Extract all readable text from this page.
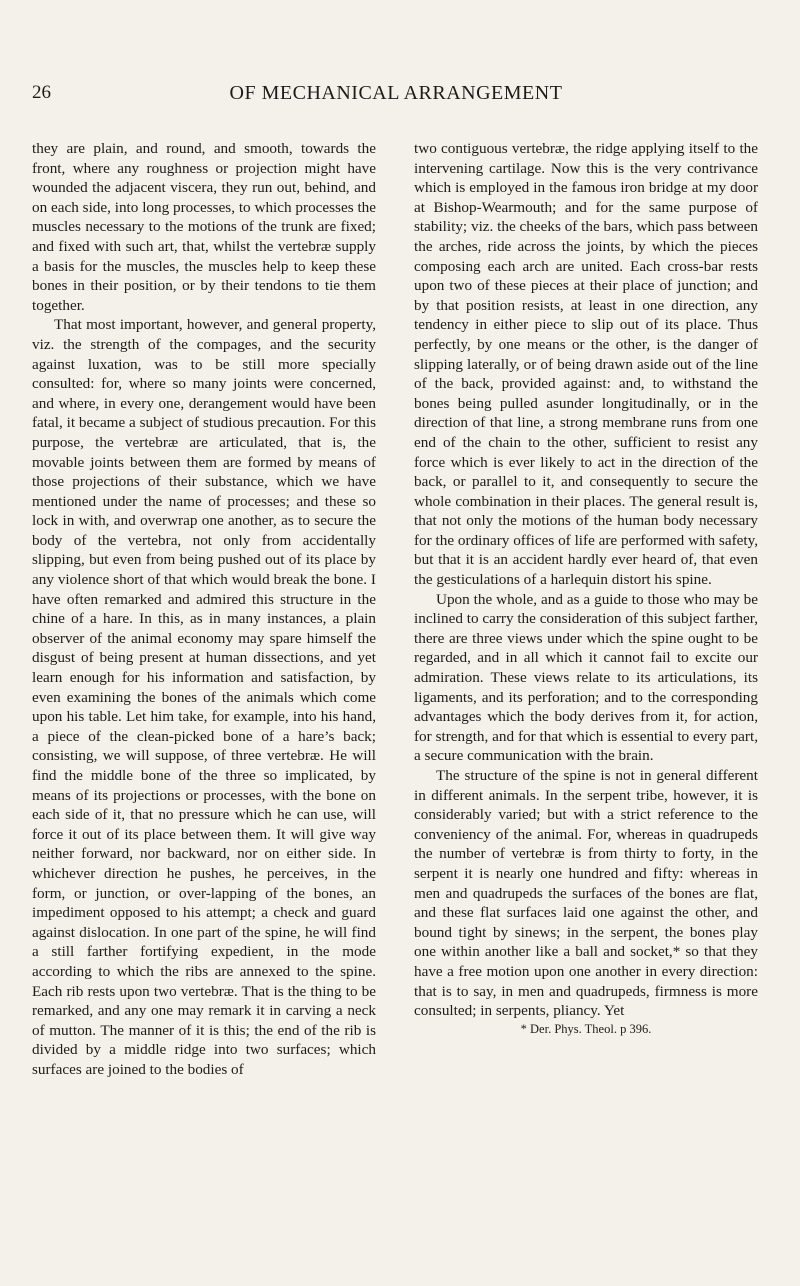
26	OF MECHANICAL ARRANGEMENT

they are plain, and round, and smooth, towards the front, where any roughness or projection might have wounded the adjacent viscera, they run out, behind, and on each side, into long processes, to which processes the muscles necessary to the motions of the trunk are fixed; and fixed with such art, that, whilst the vertebræ supply a basis for the muscles, the muscles help to keep these bones in their position, or by their tendons to tie them together.

That most important, however, and general property, viz. the strength of the compages, and the security against luxation, was to be still more specially consulted: for, where so many joints were concerned, and where, in every one, derangement would have been fatal, it became a subject of studious precaution. For this purpose, the vertebræ are articulated, that is, the movable joints between them are formed by means of those projections of their substance, which we have mentioned under the name of processes; and these so lock in with, and overwrap one another, as to secure the body of the vertebra, not only from accidentally slipping, but even from being pushed out of its place by any violence short of that which would break the bone. I have often remarked and admired this structure in the chine of a hare. In this, as in many instances, a plain observer of the animal economy may spare himself the disgust of being present at human dissections, and yet learn enough for his information and satisfaction, by even examining the bones of the animals which come upon his table. Let him take, for example, into his hand, a piece of the clean-picked bone of a hare’s back; consisting, we will suppose, of three vertebræ. He will find the middle bone of the three so implicated, by means of its projections or processes, with the bone on each side of it, that no pressure which he can use, will force it out of its place between them. It will give way neither forward, nor backward, nor on either side. In whichever direction he pushes, he perceives, in the form, or junction, or over-lapping of the bones, an impediment opposed to his attempt; a check and guard against dislocation. In one part of the spine, he will find a still farther fortifying expedient, in the mode according to which the ribs are annexed to the spine. Each rib rests upon two vertebræ. That is the thing to be remarked, and any one may remark it in carving a neck of mutton. The manner of it is this; the end of the rib is divided by a middle ridge into two surfaces; which surfaces are joined to the bodies of

two contiguous vertebræ, the ridge applying itself to the intervening cartilage. Now this is the very contrivance which is employed in the famous iron bridge at my door at Bishop-Wearmouth; and for the same purpose of stability; viz. the cheeks of the bars, which pass between the arches, ride across the joints, by which the pieces composing each arch are united. Each cross-bar rests upon two of these pieces at their place of junction; and by that position resists, at least in one direction, any tendency in either piece to slip out of its place. Thus perfectly, by one means or the other, is the danger of slipping laterally, or of being drawn aside out of the line of the back, provided against: and, to withstand the bones being pulled asunder longitudinally, or in the direction of that line, a strong membrane runs from one end of the chain to the other, sufficient to resist any force which is ever likely to act in the direction of the back, or parallel to it, and consequently to secure the whole combination in their places. The general result is, that not only the motions of the human body necessary for the ordinary offices of life are performed with safety, but that it is an accident hardly ever heard of, that even the gesticulations of a harlequin distort his spine.

Upon the whole, and as a guide to those who may be inclined to carry the consideration of this subject farther, there are three views under which the spine ought to be regarded, and in all which it cannot fail to excite our admiration. These views relate to its articulations, its ligaments, and its perforation; and to the corresponding advantages which the body derives from it, for action, for strength, and for that which is essential to every part, a secure communication with the brain.

The structure of the spine is not in general different in different animals. In the serpent tribe, however, it is considerably varied; but with a strict reference to the conveniency of the animal. For, whereas in quadrupeds the number of vertebræ is from thirty to forty, in the serpent it is nearly one hundred and fifty: whereas in men and quadrupeds the surfaces of the bones are flat, and these flat surfaces laid one against the other, and bound tight by sinews; in the serpent, the bones play one within another like a ball and socket,* so that they have a free motion upon one another in every direction: that is to say, in men and quadrupeds, firmness is more consulted; in serpents, pliancy. Yet

* Der. Phys. Theol. p 396.
